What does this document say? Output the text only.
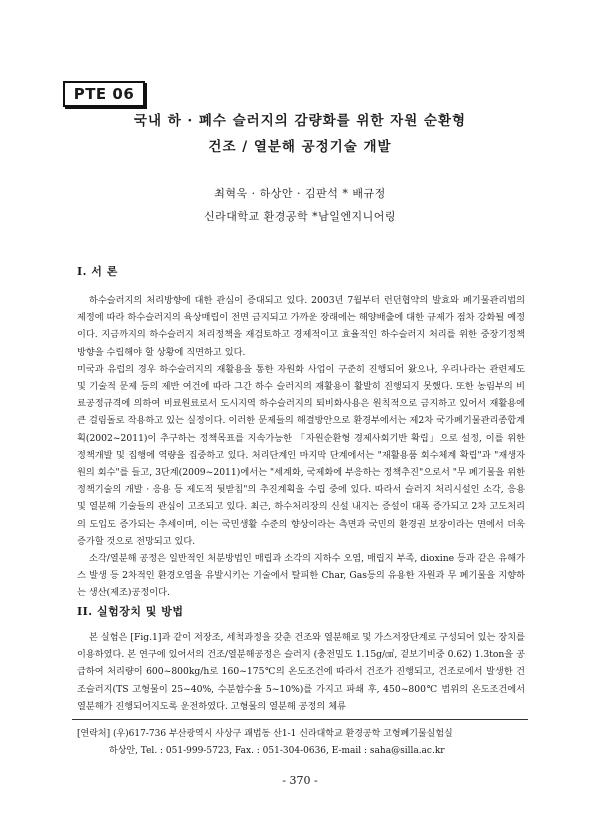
PTE 06
국내 하 · 폐수 슬러지의 감량화를 위한 자원 순환형
건조 / 열분해 공정기술 개발
최혁욱 · 하상안 · 김판석 * 배규정
신라대학교 환경공학 *남일엔지니어링
I. 서 론

하수슬러지의 처리방향에 대한 관심이 증대되고 있다. 2003년 7월부터 런던협약의 발효와 폐기물관리법의 제정에 따라 하수슬러지의 육상매립이 전면 금지되고 가까운 장래에는 해양배출에 대한 규제가 점차 강화될 예정이다. 지금까지의 하수슬러지 처리정책을 재검토하고 경제적이고 효율적인 하수슬러지 처리를 위한 중장기정책 방향을 수립해야 할 상황에 직면하고 있다.

미국과 유럽의 경우 하수슬러지의 재활용을 통한 자원화 사업이 구준히 진행되어 왔으나, 우리나라는 관련제도 및 기술적 문제 등의 제반 여건에 따라 그간 하수 슬러지의 재활용이 활발히 진행되지 못했다. 또한 농림부의 비료공정규격에 의하여 비료원료로서 도시지역 하수슬러지의 퇴비화사용은 원칙적으로 금지하고 있어서 재활용에 큰 걸림돌로 작용하고 있는 실정이다. 이러한 문제들의 해결방안으로 환경부에서는 제2차 국가폐기물관리종합계획(2002~2011)이 추구하는 정책목표를 지속가능한 「자원순환형 경제사회기반 확립」으로 설정, 이를 위한 정책개발 및 집행에 역량을 집중하고 있다. 처리단계인 마지막 단계에서는 "재활용품 회수체계 확립"과 "재생자원의 회수"를 들고, 3단계(2009~2011)에서는 "세계화, 국제화에 부응하는 정책추진"으로서 "무 폐기물을 위한 정책기술의 개발 · 응용 등 제도적 뒷받침"의 추진계획을 수립 중에 있다. 따라서 슬러지 처리시설인 소각, 응용 및 열분해 기술들의 관심이 고조되고 있다. 최근, 하수처리장의 신설 내지는 증설이 대폭 증가되고 2차 고도처리의 도입도 증가되는 추세이며, 이는 국민생활 수준의 향상이라는 측면과 국민의 환경권 보장이라는 면에서 더욱 증가할 것으로 전망되고 있다.

소각/열분해 공정은 일반적인 처분방법인 매립과 소각의 지하수 오염, 매립지 부족, dioxine 등과 같은 유해가스 발생 등 2차적인 환경오염을 유발시키는 기술에서 탈피한 Char, Gas등의 유용한 자원과 무 폐기물을 지향하는 생산(제조)공정이다.

II. 실험장치 및 방법

본 실험은 [Fig.1]과 같이 저장조, 세척과정을 갖춘 건조와 열분해로 및 가스저장단계로 구성되어 있는 장치를 이용하였다. 본 연구에 있어서의 건조/열분해공정은 슬러지 (충전밀도 1.15g/㎤, 겉보기비중 0.62) 1.3ton을 공급하여 처리량이 600~800kg/h로 160~175℃의 온도조건에 따라서 건조가 진행되고, 건조로에서 발생한 건조슬러지(TS 고형물이 25~40%, 수분함수율 5~10%)를 가지고 파쇄 후, 450~800℃ 범위의 온도조건에서 열분해가 진행되어지도록 운전하였다. 고형물의 열분해 공정의 체류

[연락처] (우)617-736 부산광역시 사상구 괘법동 산1-1 신라대학교 환경공학 고형폐기물실험실
하상안, Tel. : 051-999-5723, Fax. : 051-304-0636, E-mail : saha@silla.ac.kr
- 370 -
